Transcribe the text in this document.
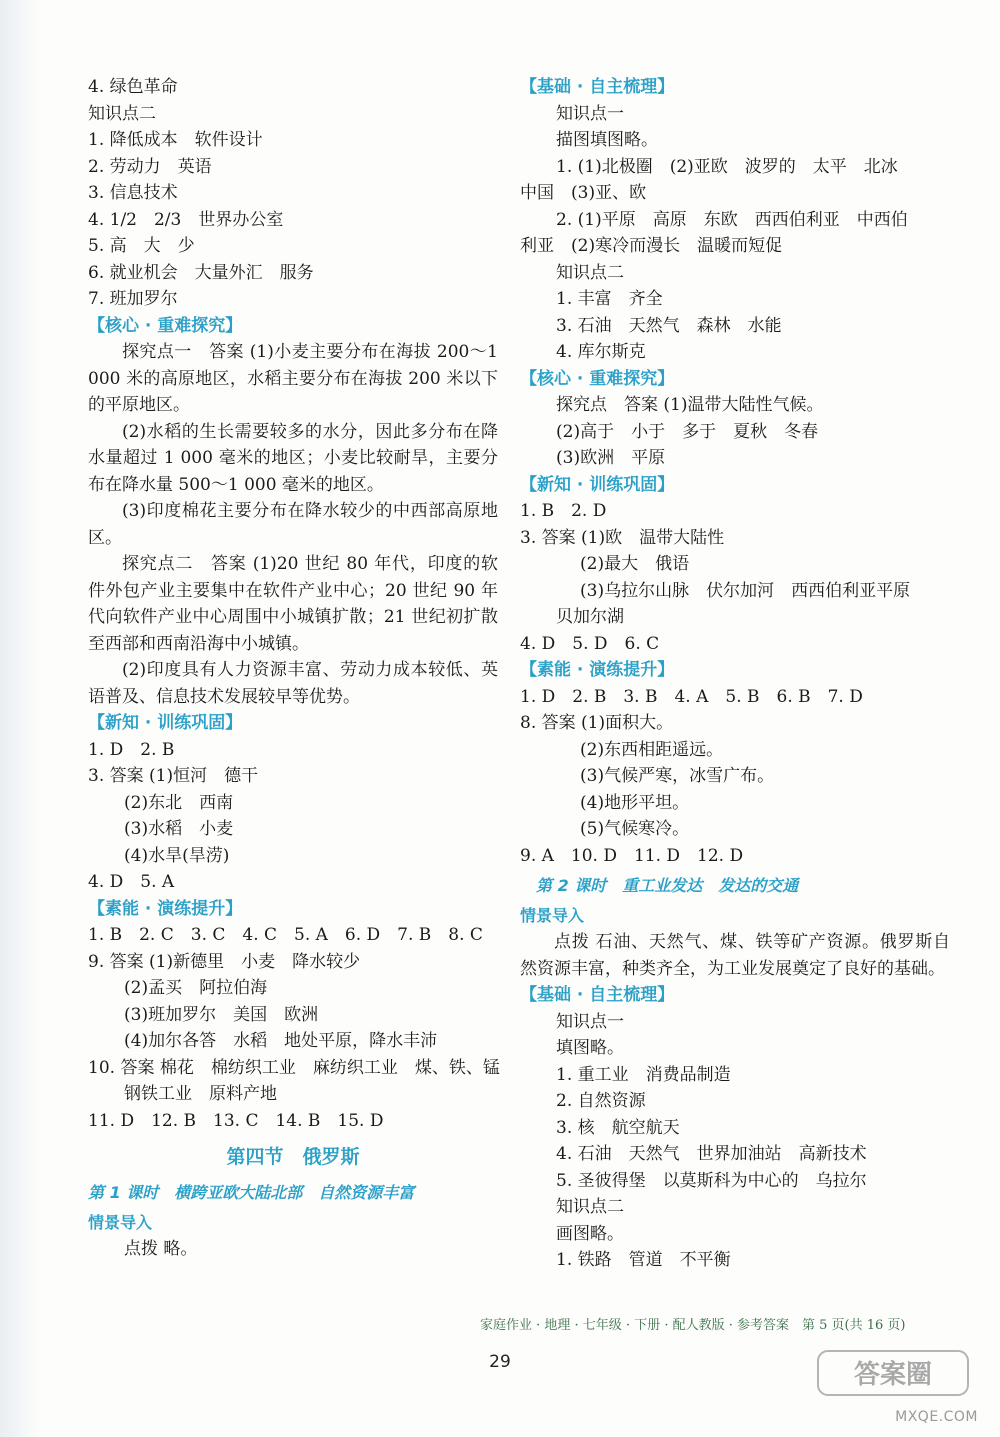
4. 绿色革命

知识点二

1. 降低成本　软件设计

2. 劳动力　英语

3. 信息技术

4. 1/2　2/3　世界办公室

5. 高　大　少

6. 就业机会　大量外汇　服务

7. 班加罗尔

【核心 · 重难探究】

探究点一　答案 (1)小麦主要分布在海拔 200～1 000 米的高原地区，水稻主要分布在海拔 200 米以下的平原地区。

(2)水稻的生长需要较多的水分，因此多分布在降水量超过 1 000 毫米的地区；小麦比较耐旱，主要分布在降水量 500～1 000 毫米的地区。

(3)印度棉花主要分布在降水较少的中西部高原地区。

探究点二　答案 (1)20 世纪 80 年代，印度的软件外包产业主要集中在软件产业中心；20 世纪 90 年代向软件产业中心周围中小城镇扩散；21 世纪初扩散至西部和西南沿海中小城镇。

(2)印度具有人力资源丰富、劳动力成本较低、英语普及、信息技术发展较早等优势。

【新知 · 训练巩固】

1. D　2. B

3. 答案 (1)恒河　德干

(2)东北　西南

(3)水稻　小麦

(4)水旱(旱涝)

4. D　5. A

【素能 · 演练提升】

1. B　2. C　3. C　4. C　5. A　6. D　7. B　8. C

9. 答案 (1)新德里　小麦　降水较少

(2)孟买　阿拉伯海

(3)班加罗尔　美国　欧洲

(4)加尔各答　水稻　地处平原，降水丰沛

10. 答案 棉花　棉纺织工业　麻纺织工业　煤、铁、锰

钢铁工业　原料产地

11. D　12. B　13. C　14. B　15. D

第四节　俄罗斯

第 1 课时　横跨亚欧大陆北部　自然资源丰富

情景导入

点拨 略。

【基础 · 自主梳理】

知识点一

描图填图略。

1. (1)北极圈　(2)亚欧　波罗的　太平　北冰

中国　(3)亚、欧

2. (1)平原　高原　东欧　西西伯利亚　中西伯

利亚　(2)寒冷而漫长　温暖而短促

知识点二

1. 丰富　齐全

3. 石油　天然气　森林　水能

4. 库尔斯克

【核心 · 重难探究】

探究点　答案 (1)温带大陆性气候。

(2)高于　小于　多于　夏秋　冬春

(3)欧洲　平原

【新知 · 训练巩固】

1. B　2. D

3. 答案 (1)欧　温带大陆性

(2)最大　俄语

(3)乌拉尔山脉　伏尔加河　西西伯利亚平原

贝加尔湖

4. D　5. D　6. C

【素能 · 演练提升】

1. D　2. B　3. B　4. A　5. B　6. B　7. D

8. 答案 (1)面积大。

(2)东西相距遥远。

(3)气候严寒，冰雪广布。

(4)地形平坦。

(5)气候寒冷。

9. A　10. D　11. D　12. D

　第 2 课时　重工业发达　发达的交通

情景导入

点拨 石油、天然气、煤、铁等矿产资源。俄罗斯自然资源丰富，种类齐全，为工业发展奠定了良好的基础。

【基础 · 自主梳理】

知识点一

填图略。

1. 重工业　消费品制造

2. 自然资源

3. 核　航空航天

4. 石油　天然气　世界加油站　高新技术

5. 圣彼得堡　以莫斯科为中心的　乌拉尔

知识点二

画图略。

1. 铁路　管道　不平衡

家庭作业 · 地理 · 七年级 · 下册 · 配人教版 · 参考答案　第 5 页(共 16 页)
29	答案圈
MXQE.COM
